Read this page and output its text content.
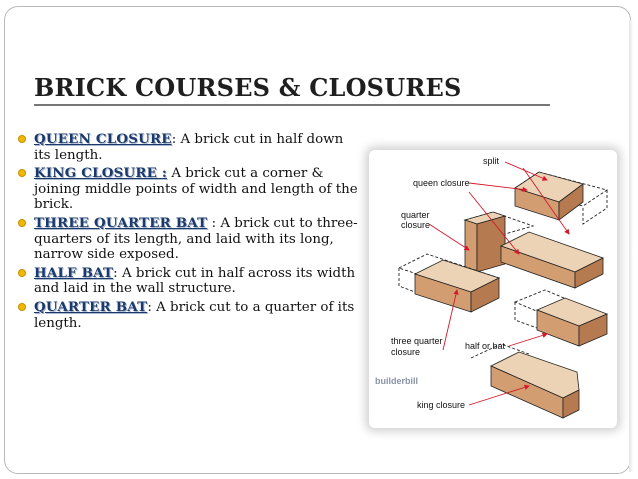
BRICK COURSES & CLOSURES
QUEEN CLOSURE: A brick cut in half down its length.
KING CLOSURE : A brick cut a corner & joining middle points of width and length of the brick.
THREE QUARTER BAT : A brick cut to three-quarters of its length, and laid with its long, narrow side exposed.
HALF BAT: A brick cut in half across its width and laid in the wall structure.
QUARTER BAT: A brick cut to a quarter of its length.
split
queen closure
quarter
closure
three quarter
closure
half or bat
builderbill
king closure
